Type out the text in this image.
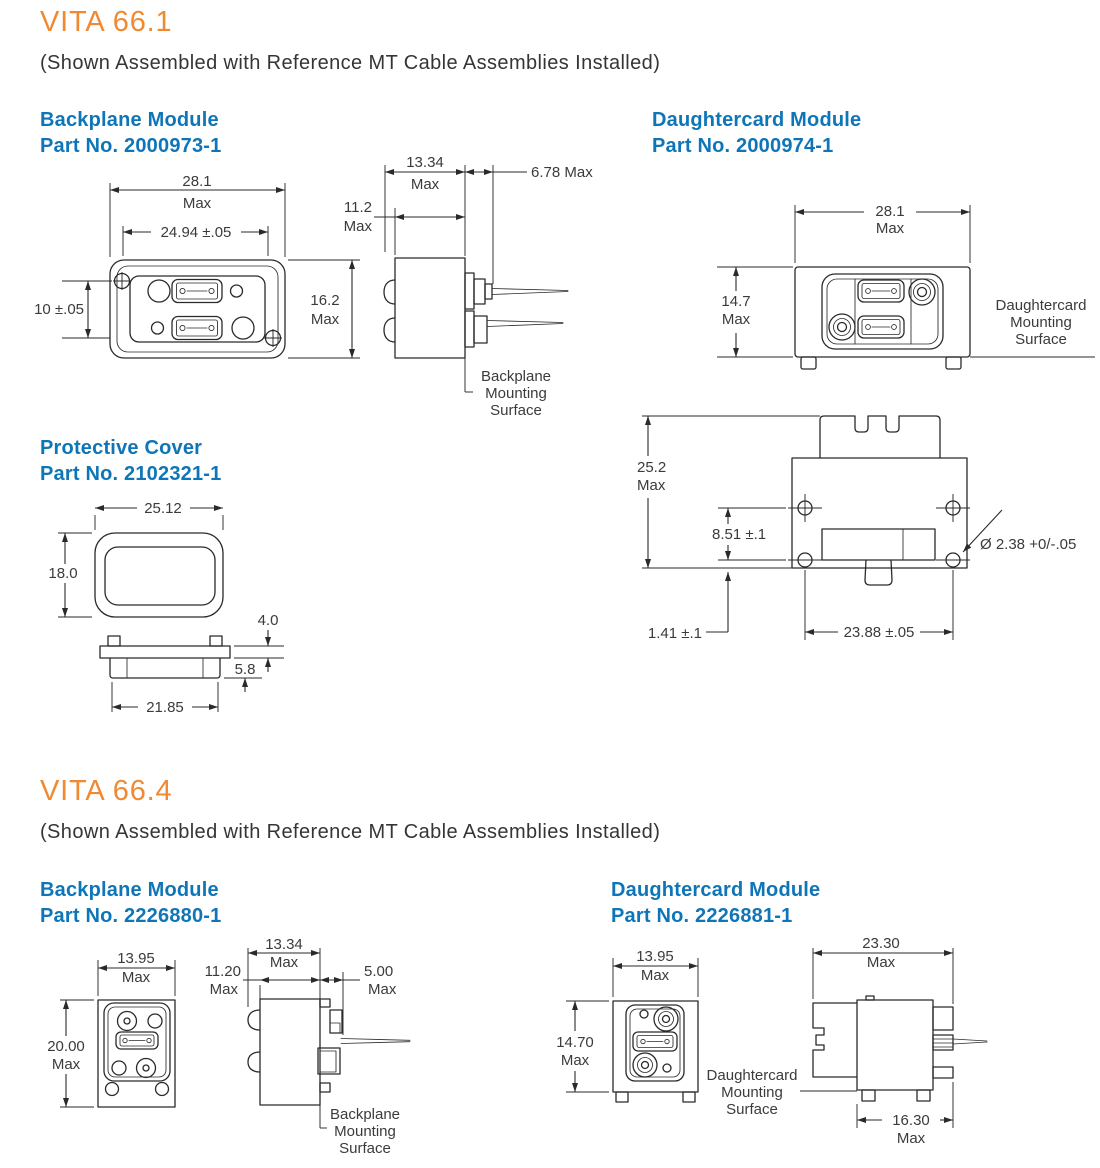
VITA 66.1
(Shown Assembled with Reference MT Cable Assemblies Installed)
Backplane Module
Part No. 2000973-1
Daughtercard Module
Part No. 2000974-1
Protective Cover
Part No. 2102321-1
28.1
Max
24.94 ±.05
10 ±.05
16.2
Max
13.34
Max
6.78 Max
11.2
Max
Backplane
Mounting
Surface
28.1
Max
14.7
Max
Daughtercard
Mounting
Surface
25.2
Max
8.51 ±.1
1.41 ±.1	23.88 ±.05
Ø 2.38 +0/-.05
25.12
18.0
4.0
5.8
21.85
VITA 66.4
(Shown Assembled with Reference MT Cable Assemblies Installed)
Backplane Module
Part No. 2226880-1
Daughtercard Module
Part No. 2226881-1
13.95
Max
20.00
Max
13.34
Max
11.20
Max
5.00
Max
Backplane
Mounting
Surface
13.95
Max
14.70
Max
Daughtercard
Mounting
Surface
23.30
Max
16.30
Max
